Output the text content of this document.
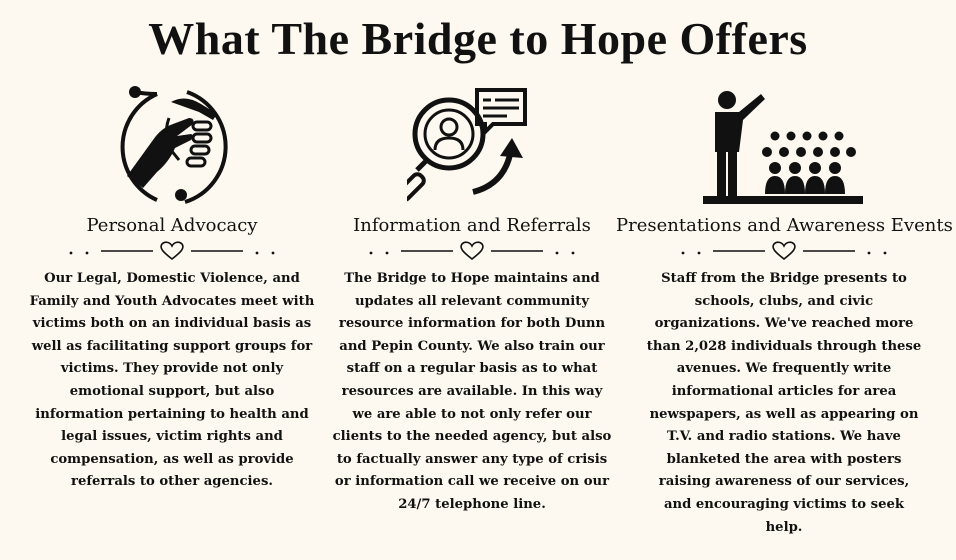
What The Bridge to Hope Offers
Personal Advocacy
Our Legal, Domestic Violence, and Family and Youth Advocates meet with victims both on an individual basis as well as facilitating support groups for victims. They provide not only emotional support, but also information pertaining to health and legal issues, victim rights and compensation, as well as provide referrals to other agencies.
Information and Referrals
The Bridge to Hope maintains and updates all relevant community resource information for both Dunn and Pepin County. We also train our staff on a regular basis as to what resources are available. In this way we are able to not only refer our clients to the needed agency, but also to factually answer any type of crisis or information call we receive on our 24/7 telephone line.
Presentations and Awareness Events
Staff from the Bridge presents to schools, clubs, and civic organizations. We've reached more than 2,028 individuals through these avenues. We frequently write informational articles for area newspapers, as well as appearing on T.V. and radio stations. We have blanketed the area with posters raising awareness of our services, and encouraging victims to seek help.
